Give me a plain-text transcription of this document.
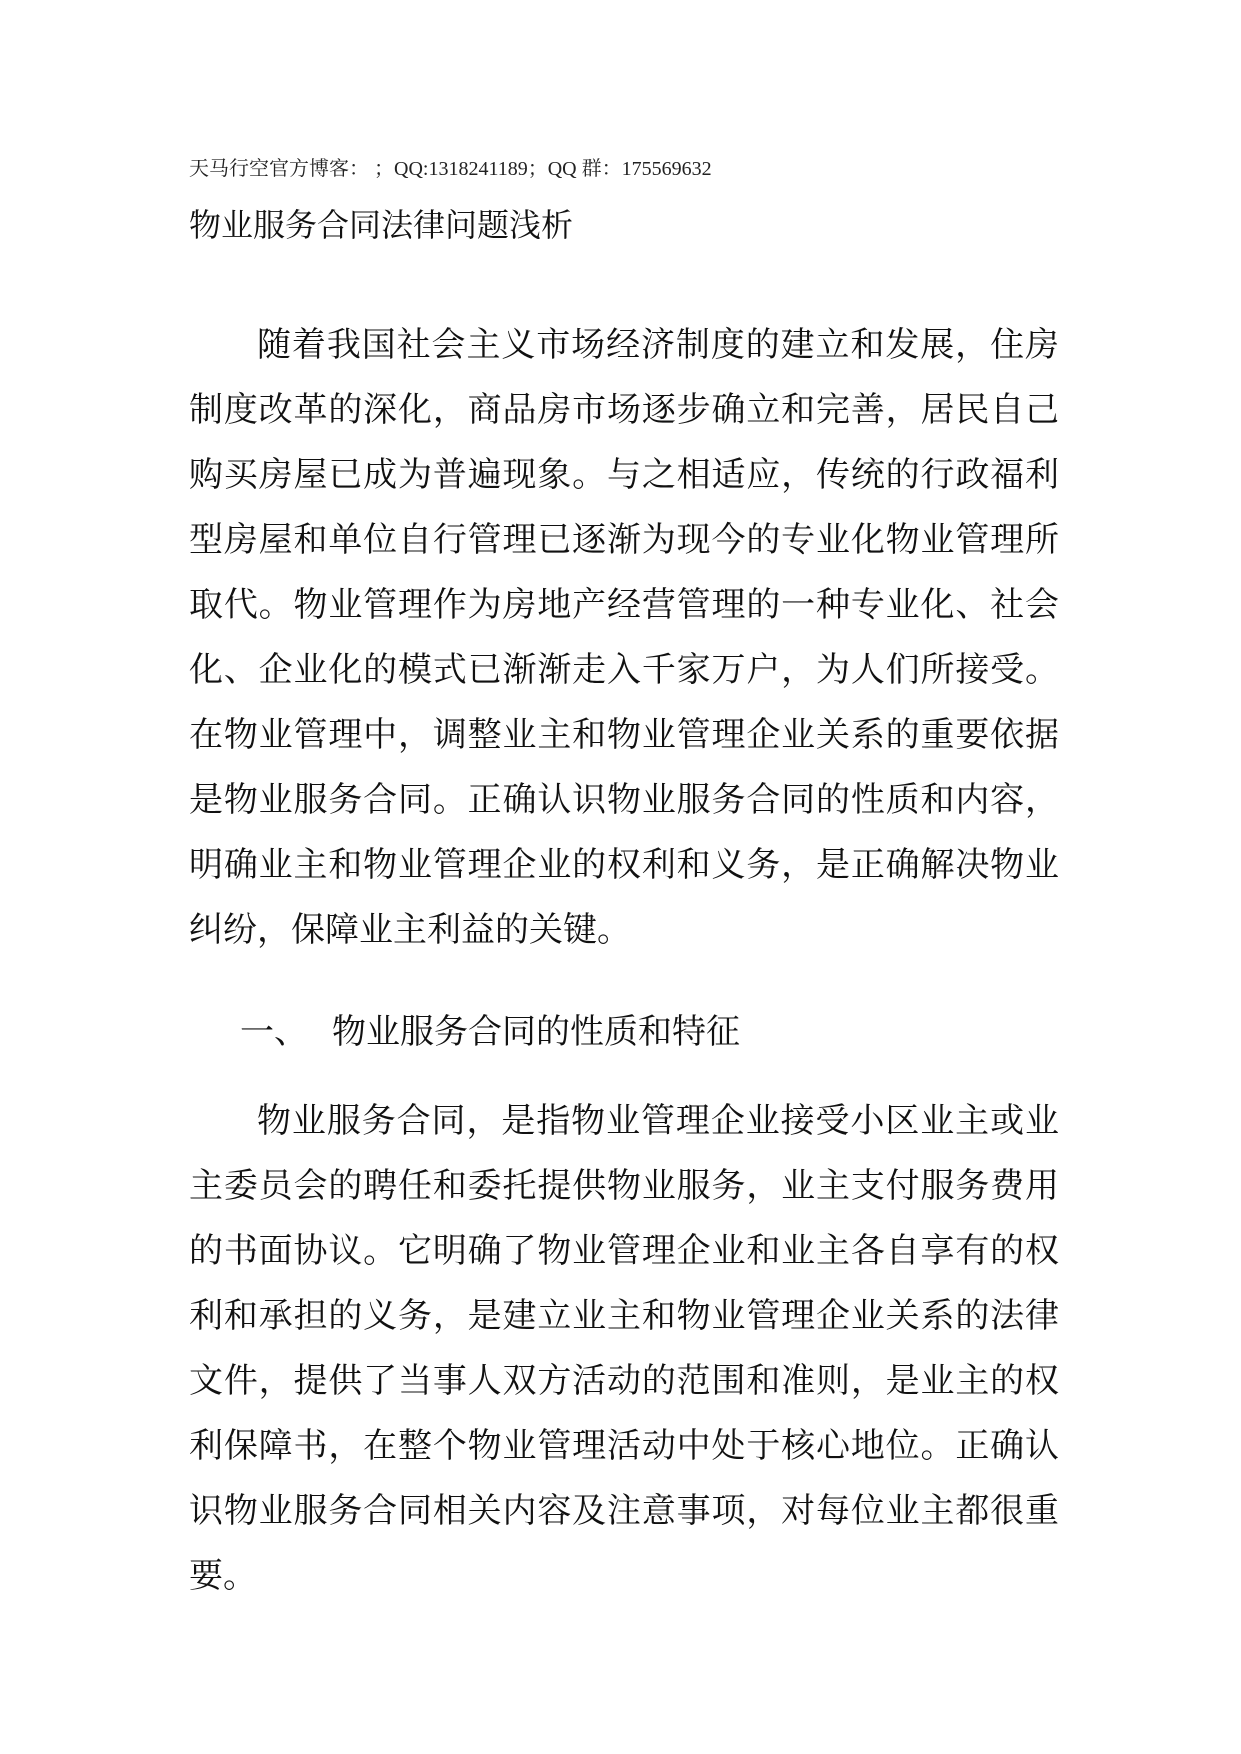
天马行空官方博客： ；QQ:1318241189；QQ 群：175569632
物业服务合同法律问题浅析

随着我国社会主义市场经济制度的建立和发展，住房制度改革的深化，商品房市场逐步确立和完善，居民自己购买房屋已成为普遍现象。与之相适应，传统的行政福利型房屋和单位自行管理已逐渐为现今的专业化物业管理所取代。物业管理作为房地产经营管理的一种专业化、社会化、企业化的模式已渐渐走入千家万户，为人们所接受。在物业管理中，调整业主和物业管理企业关系的重要依据是物业服务合同。正确认识物业服务合同的性质和内容，明确业主和物业管理企业的权利和义务，是正确解决物业纠纷，保障业主利益的关键。

一、 物业服务合同的性质和特征

物业服务合同，是指物业管理企业接受小区业主或业主委员会的聘任和委托提供物业服务，业主支付服务费用的书面协议。它明确了物业管理企业和业主各自享有的权利和承担的义务，是建立业主和物业管理企业关系的法律文件，提供了当事人双方活动的范围和准则，是业主的权利保障书，在整个物业管理活动中处于核心地位。正确认识物业服务合同相关内容及注意事项，对每位业主都很重要。
